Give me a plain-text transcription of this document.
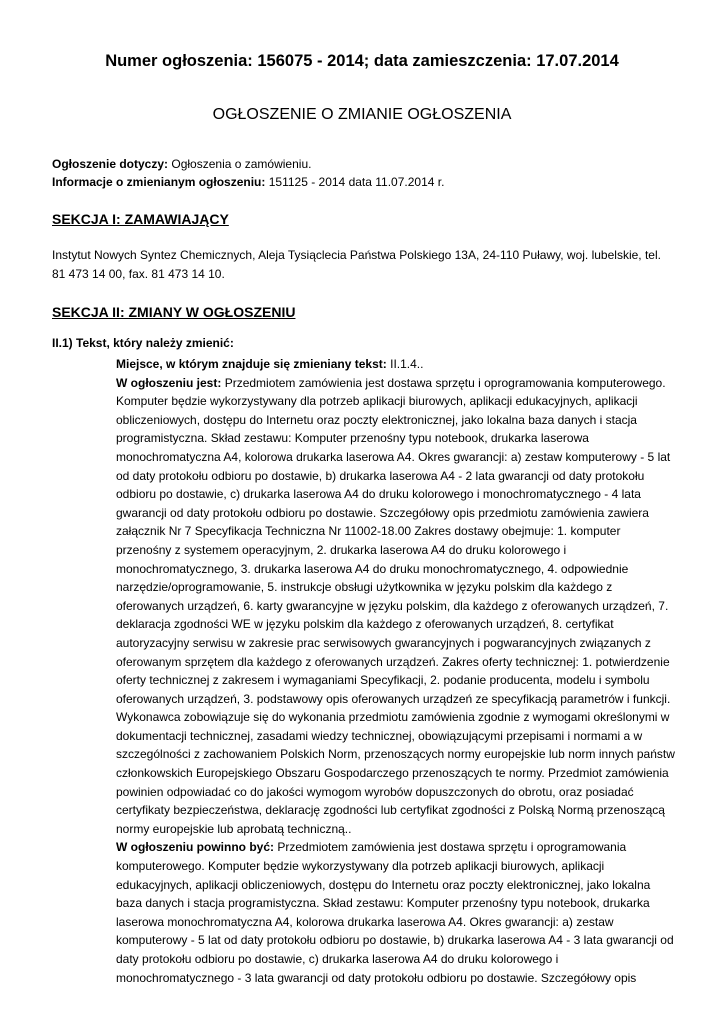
Numer ogłoszenia: 156075 - 2014; data zamieszczenia: 17.07.2014
OGŁOSZENIE O ZMIANIE OGŁOSZENIA
Ogłoszenie dotyczy: Ogłoszenia o zamówieniu.
Informacje o zmienianym ogłoszeniu: 151125 - 2014 data 11.07.2014 r.
SEKCJA I: ZAMAWIAJĄCY
Instytut Nowych Syntez Chemicznych, Aleja Tysiąclecia Państwa Polskiego 13A, 24-110 Puławy, woj. lubelskie, tel.
81 473 14 00, fax. 81 473 14 10.
SEKCJA II: ZMIANY W OGŁOSZENIU
II.1) Tekst, który należy zmienić:

Miejsce, w którym znajduje się zmieniany tekst: II.1.4..

W ogłoszeniu jest: Przedmiotem zamówienia jest dostawa sprzętu i oprogramowania komputerowego. Komputer będzie wykorzystywany dla potrzeb aplikacji biurowych, aplikacji edukacyjnych, aplikacji obliczeniowych, dostępu do Internetu oraz poczty elektronicznej, jako lokalna baza danych i stacja programistyczna. Skład zestawu: Komputer przenośny typu notebook, drukarka laserowa monochromatyczna A4, kolorowa drukarka laserowa A4. Okres gwarancji: a) zestaw komputerowy - 5 lat od daty protokołu odbioru po dostawie, b) drukarka laserowa A4 - 2 lata gwarancji od daty protokołu odbioru po dostawie, c) drukarka laserowa A4 do druku kolorowego i monochromatycznego - 4 lata gwarancji od daty protokołu odbioru po dostawie. Szczegółowy opis przedmiotu zamówienia zawiera załącznik Nr 7 Specyfikacja Techniczna Nr 11002-18.00 Zakres dostawy obejmuje: 1. komputer przenośny z systemem operacyjnym, 2. drukarka laserowa A4 do druku kolorowego i monochromatycznego, 3. drukarka laserowa A4 do druku monochromatycznego, 4. odpowiednie narzędzie/oprogramowanie, 5. instrukcje obsługi użytkownika w języku polskim dla każdego z oferowanych urządzeń, 6. karty gwarancyjne w języku polskim, dla każdego z oferowanych urządzeń, 7. deklaracja zgodności WE w języku polskim dla każdego z oferowanych urządzeń, 8. certyfikat autoryzacyjny serwisu w zakresie prac serwisowych gwarancyjnych i pogwarancyjnych związanych z oferowanym sprzętem dla każdego z oferowanych urządzeń. Zakres oferty technicznej: 1. potwierdzenie oferty technicznej z zakresem i wymaganiami Specyfikacji, 2. podanie producenta, modelu i symbolu oferowanych urządzeń, 3. podstawowy opis oferowanych urządzeń ze specyfikacją parametrów i funkcji. Wykonawca zobowiązuje się do wykonania przedmiotu zamówienia zgodnie z wymogami określonymi w dokumentacji technicznej, zasadami wiedzy technicznej, obowiązującymi przepisami i normami a w szczególności z zachowaniem Polskich Norm, przenoszących normy europejskie lub norm innych państw członkowskich Europejskiego Obszaru Gospodarczego przenoszących te normy. Przedmiot zamówienia powinien odpowiadać co do jakości wymogom wyrobów dopuszczonych do obrotu, oraz posiadać certyfikaty bezpieczeństwa, deklarację zgodności lub certyfikat zgodności z Polską Normą przenoszącą normy europejskie lub aprobatą techniczną..

W ogłoszeniu powinno być: Przedmiotem zamówienia jest dostawa sprzętu i oprogramowania komputerowego. Komputer będzie wykorzystywany dla potrzeb aplikacji biurowych, aplikacji edukacyjnych, aplikacji obliczeniowych, dostępu do Internetu oraz poczty elektronicznej, jako lokalna baza danych i stacja programistyczna. Skład zestawu: Komputer przenośny typu notebook, drukarka laserowa monochromatyczna A4, kolorowa drukarka laserowa A4. Okres gwarancji: a) zestaw komputerowy - 5 lat od daty protokołu odbioru po dostawie, b) drukarka laserowa A4 - 3 lata gwarancji od daty protokołu odbioru po dostawie, c) drukarka laserowa A4 do druku kolorowego i monochromatycznego - 3 lata gwarancji od daty protokołu odbioru po dostawie. Szczegółowy opis
